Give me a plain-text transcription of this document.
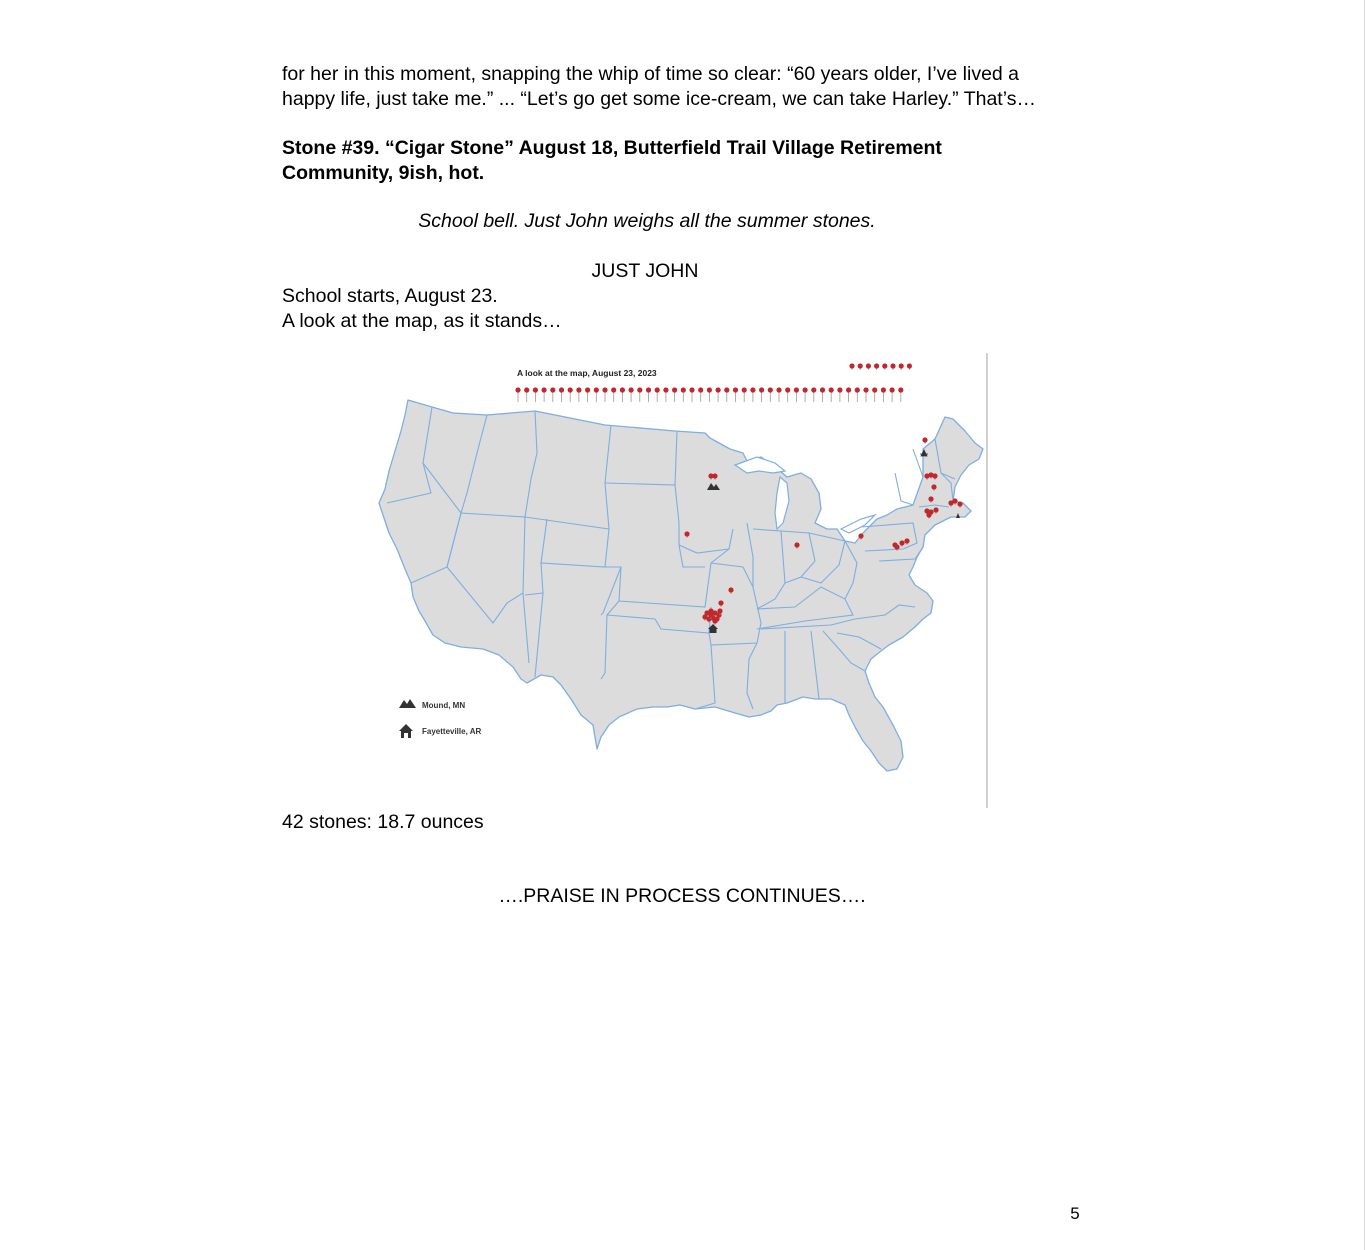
for her in this moment, snapping the whip of time so clear: “60 years older, I’ve lived a
happy life, just take me.” ... “Let’s go get some ice-cream, we can take Harley.” That’s…
Stone #39. “Cigar Stone” August 18, Butterfield Trail Village Retirement
Community, 9ish, hot.
School bell. Just John weighs all the summer stones.
JUST JOHN
School starts, August 23.
A look at the map, as it stands…
A look at the map, August 23, 2023
Mound, MN
Fayetteville, AR
42 stones: 18.7 ounces
….PRAISE IN PROCESS CONTINUES….
5
